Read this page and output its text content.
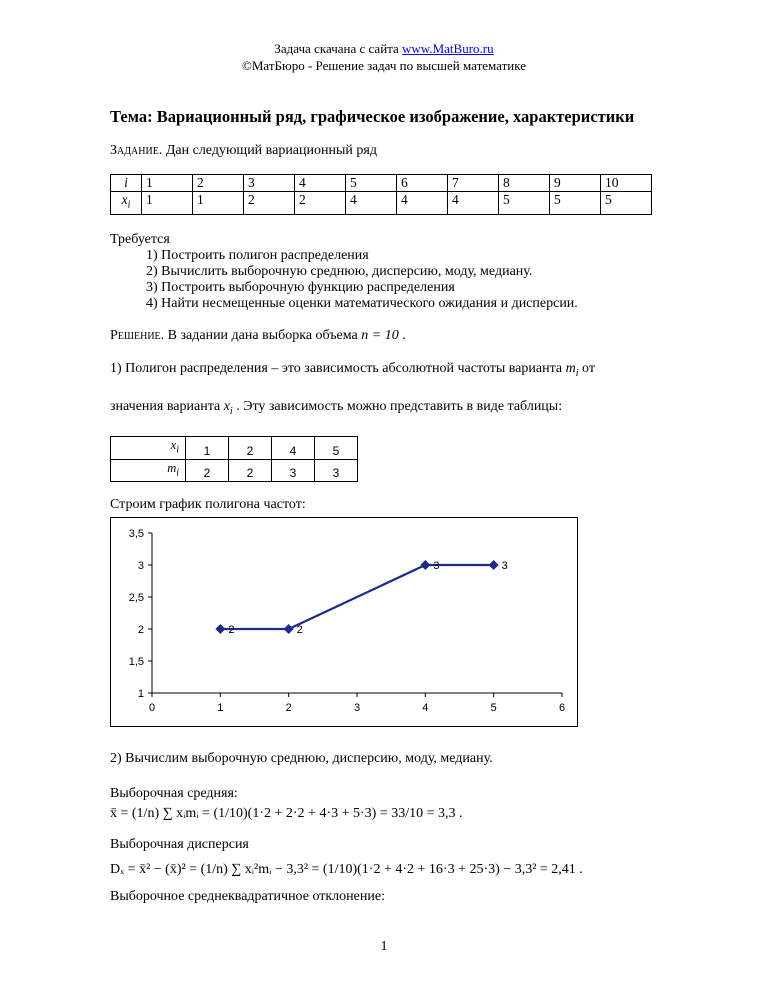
Задача скачана с сайта www.MatBuro.ru
©МатБюро - Решение задач по высшей математике
Тема: Вариационный ряд, графическое изображение, характеристики
Задание. Дан следующий вариационный ряд
i	1	2	3	4	5	6	7	8	9	10
$x_i$	1	1	2	2	4	4	4	5	5	5
Требуется
1) Построить полигон распределения
2) Вычислить выборочную среднюю, дисперсию, моду, медиану.
3) Построить выборочную функцию распределения
4) Найти несмещенные оценки математического ожидания и дисперсии.
Решение. В задании дана выборка объема n = 10 .
1) Полигон распределения – это зависимость абсолютной частоты варианта $m_i$ от
значения варианта $x_i$ . Эту зависимость можно представить в виде таблицы:
$x_i$	1	2	4	5
$m_i$	2	2	3	3
Строим график полигона частот:
1
1,5
2
2,5
3
3,5
0	1	2	3	4	5	6
2	2
3	3
2) Вычислим выборочную среднюю, дисперсию, моду, медиану.
Выборочная средняя:
x̄ = (1/n) ∑ xᵢmᵢ = (1/10)(1·2 + 2·2 + 4·3 + 5·3) = 33/10 = 3,3 .
Выборочная дисперсия
Dₓ = x̄² − (x̄)² = (1/n) ∑ xᵢ²mᵢ − 3,3² = (1/10)(1·2 + 4·2 + 16·3 + 25·3) − 3,3² = 2,41 .
Выборочное среднеквадратичное отклонение:
1
